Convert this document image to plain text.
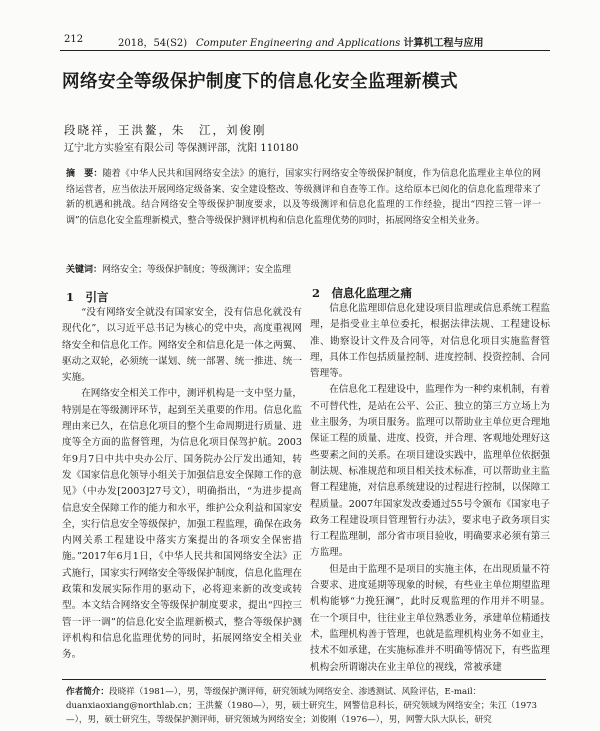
212	2018，54(S2) Computer Engineering and Applications 计算机工程与应用
网络安全等级保护制度下的信息化安全监理新模式
段晓祥，王洪鳌，朱　江，刘俊刚
辽宁北方实验室有限公司 等保测评部，沈阳 110180
摘　要：随着《中华人民共和国网络安全法》的施行，国家实行网络安全等级保护制度，作为信息化监理业主单位的网络运营者，应当依法开展网络定级备案、安全建设整改、等级测评和自查等工作。这给原本已阅化的信息化监理带来了新的机遇和挑战。结合网络安全等级保护制度要求，以及等级测评和信息化监理的工作经验，提出“四控三管一评一调”的信息化安全监理新模式，整合等级保护测评机构和信息化监理优势的同时，拓展网络安全相关业务。
关键词：网络安全；等级保护制度；等级测评；安全监理
1　引言

“没有网络安全就没有国家安全，没有信息化就没有现代化”，以习近平总书记为核心的党中央，高度重视网络安全和信息化工作。网络安全和信息化是一体之两翼、驱动之双轮，必须统一谋划、统一部署、统一推进、统一实施。

在网络安全相关工作中，测评机构是一支中坚力量，特别是在等级测评环节，起到至关重要的作用。信息化监理由来已久，在信息化项目的整个生命周期进行质量、进度等全方面的监督管理，为信息化项目保驾护航。2003年9月7日中共中央办公厅、国务院办公厅发出通知，转发《国家信息化领导小组关于加强信息安全保障工作的意见》（中办发[2003]27号文），明确指出，“为进步提高信息安全保障工作的能力和水平，维护公众利益和国家安全，实行信息安全等级保护，加强工程监理，确保在政务内网关系工程建设中落实方案提出的各项安全保密措施。”2017年6月1日，《中华人民共和国网络安全法》正式施行，国家实行网络安全等级保护制度，信息化监理在政策和发展实际作用的驱动下，必将迎来新的改变或转型。本文结合网络安全等级保护制度要求，提出“四控三管一评一调”的信息化安全监理新模式，整合等级保护测评机构和信息化监理优势的同时，拓展网络安全相关业务。

2　信息化监理之痛

信息化监理即信息化建设项目监理或信息系统工程监理，是指受业主单位委托，根据法律法规、工程建设标准、勘察设计文件及合同等，对信息化项目实施监督管理，具体工作包括质量控制、进度控制、投资控制、合同管理等。

在信息化工程建设中，监理作为一种约束机制，有着不可替代性，是站在公平、公正、独立的第三方立场上为业主服务，为项目服务。监理可以帮助业主单位更合理地保证工程的质量、进度、投资，并合理、客观地处理好这些要素之间的关系。在项目建设实践中，监理单位依据强制法规、标准规范和项目相关技术标准，可以帮助业主监督工程建施，对信息系统建设的过程进行控制，以保障工程质量。2007年国家发改委通过55号令颁布《国家电子政务工程建设项目管理暂行办法》，要求电子政务项目实行工程监理制，部分省市项目验收，明确要求必须有第三方监理。

但是由于监理不是项目的实施主体，在出现质量不符合要求、进度延期等现象的时候，有些业主单位期望监理机构能够“力挽狂澜”，此时反观监理的作用并不明显。在一个项目中，往往业主单位熟悉业务，承建单位精通技术，监理机构善于管理，也就是监理机构业务不如业主，技术不如承建，在实施标准并不明确等情况下，有些监理机构会所谓谢决在业主单位的视线，常被承建

作者简介：段晓祥（1981—），男，等级保护测评师，研究领域为网络安全、渗透测试、风险评估，E-mail：duanxiaoxiang@northlab.cn；王洪鳌（1980—），男，硕士研究生，网警信息科长，研究领域为网络安全；朱江（1973—），男，硕士研究生，等级保护测评师，研究领域为网络安全；刘俊刚（1976—），男，网警大队大队长，研究
